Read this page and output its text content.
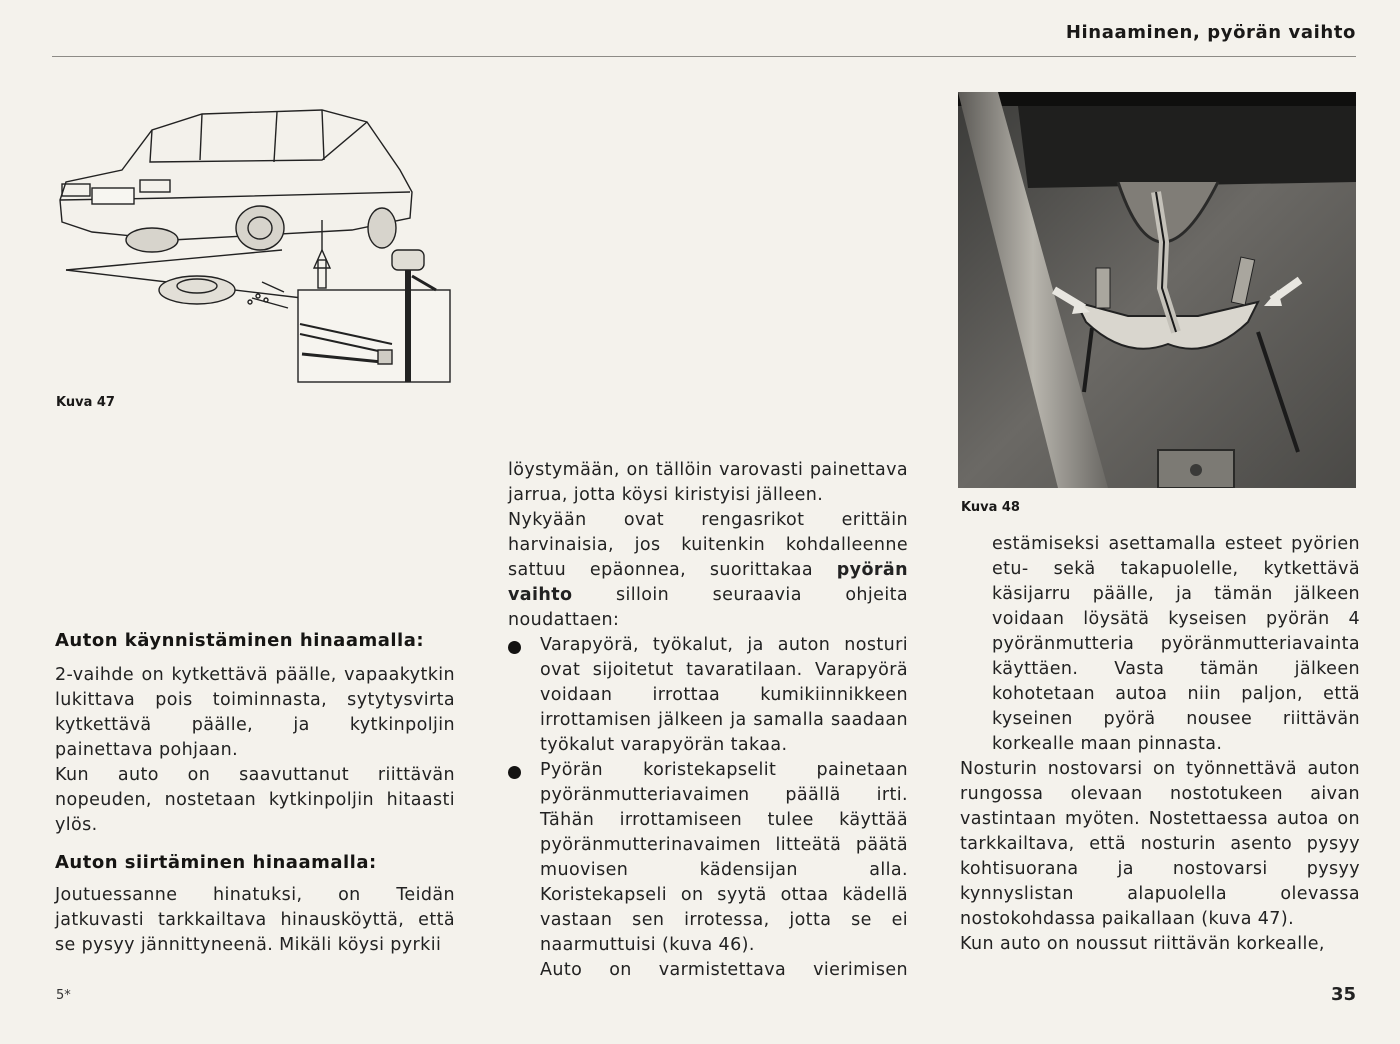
Hinaaminen, pyörän vaihto
Kuva 47
Kuva 48

Auton käynnistäminen hinaamalla:

2-vaihde on kytkettävä päälle, vapaakytkin lukittava pois toiminnasta, sytytysvirta kytkettävä päälle, ja kytkinpoljin painettava pohjaan.

Kun auto on saavuttanut riittävän nopeuden, nostetaan kytkinpoljin hitaasti ylös.

Auton siirtäminen hinaamalla:

Joutuessanne hinatuksi, on Teidän jatkuvasti tarkkailtava hinausköyttä, että se pysyy jännittyneenä. Mikäli köysi pyrkii

löystymään, on tällöin varovasti painettava jarrua, jotta köysi kiristyisi jälleen.

Nykyään ovat rengasrikot erittäin harvinaisia, jos kuitenkin kohdalleenne sattuu epäonnea, suorittakaa pyörän vaihto silloin seuraavia ohjeita noudattaen:

Varapyörä, työkalut, ja auton nosturi ovat sijoitetut tavaratilaan. Varapyörä voidaan irrottaa kumikiinnikkeen irrottamisen jälkeen ja samalla saadaan työkalut varapyörän takaa.

Pyörän koristekapselit painetaan pyöränmutteriavaimen päällä irti. Tähän irrottamiseen tulee käyttää pyöränmutterinavaimen litteätä päätä muovisen kädensijan alla. Koristekapseli on syytä ottaa kädellä vastaan sen irrotessa, jotta se ei naarmuttuisi (kuva 46).

Auto on varmistettava vierimisen

estämiseksi asettamalla esteet pyörien etu- sekä takapuolelle, kytkettävä käsijarru päälle, ja tämän jälkeen voidaan löysätä kyseisen pyörän 4 pyöränmutteria pyöränmutteriavainta käyttäen. Vasta tämän jälkeen kohotetaan autoa niin paljon, että kyseinen pyörä nousee riittävän korkealle maan pinnasta.

Nosturin nostovarsi on työnnettävä auton rungossa olevaan nostotukeen aivan vastintaan myöten. Nostettaessa autoa on tarkkailtava, että nosturin asento pysyy kohtisuorana ja nostovarsi pysyy kynnyslistan alapuolella olevassa nostokohdassa paikallaan (kuva 47).

Kun auto on noussut riittävän korkealle,

5*	35
